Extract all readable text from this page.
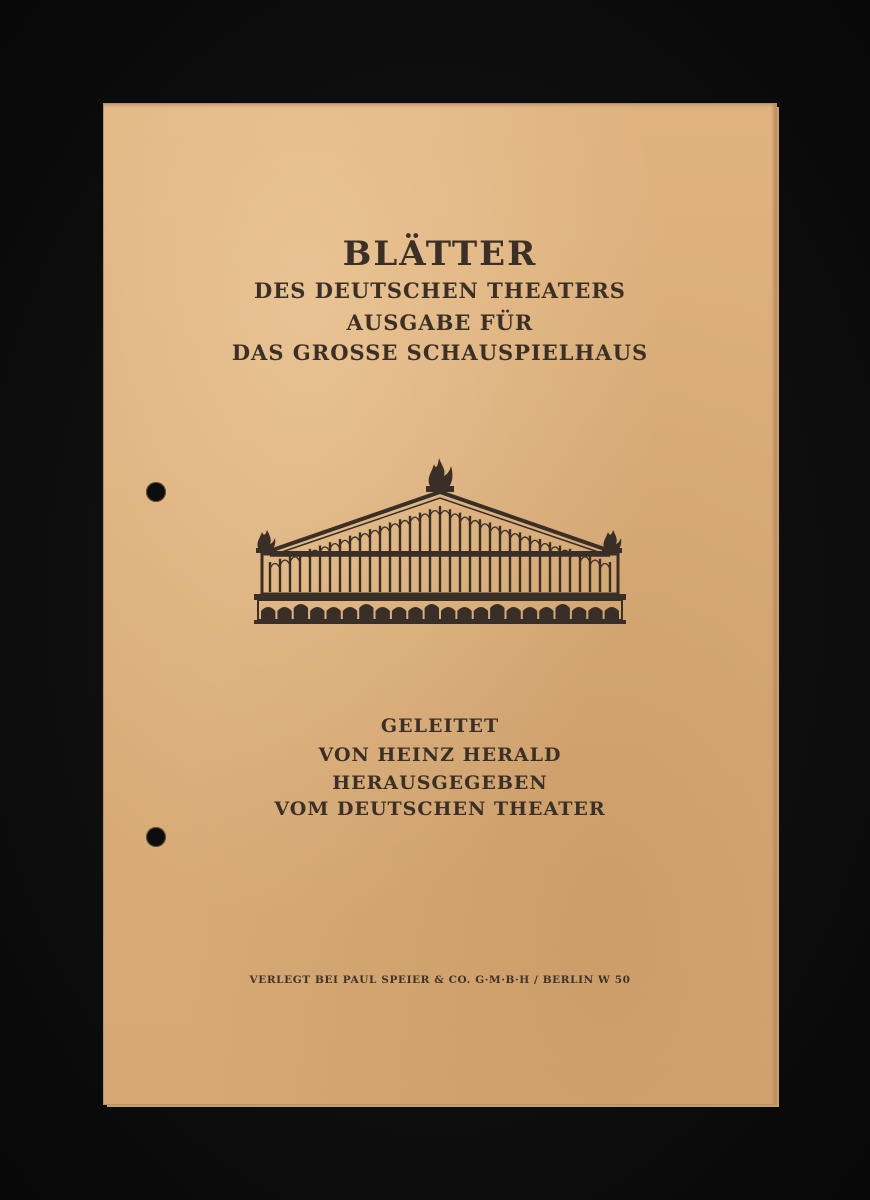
BLÄTTER
DES DEUTSCHEN THEATERS
AUSGABE FÜR
DAS GROSSE SCHAUSPIELHAUS
GELEITET
VON HEINZ HERALD
HERAUSGEGEBEN
VOM DEUTSCHEN THEATER
VERLEGT BEI PAUL SPEIER & CO. G·M·B·H / BERLIN W 50
